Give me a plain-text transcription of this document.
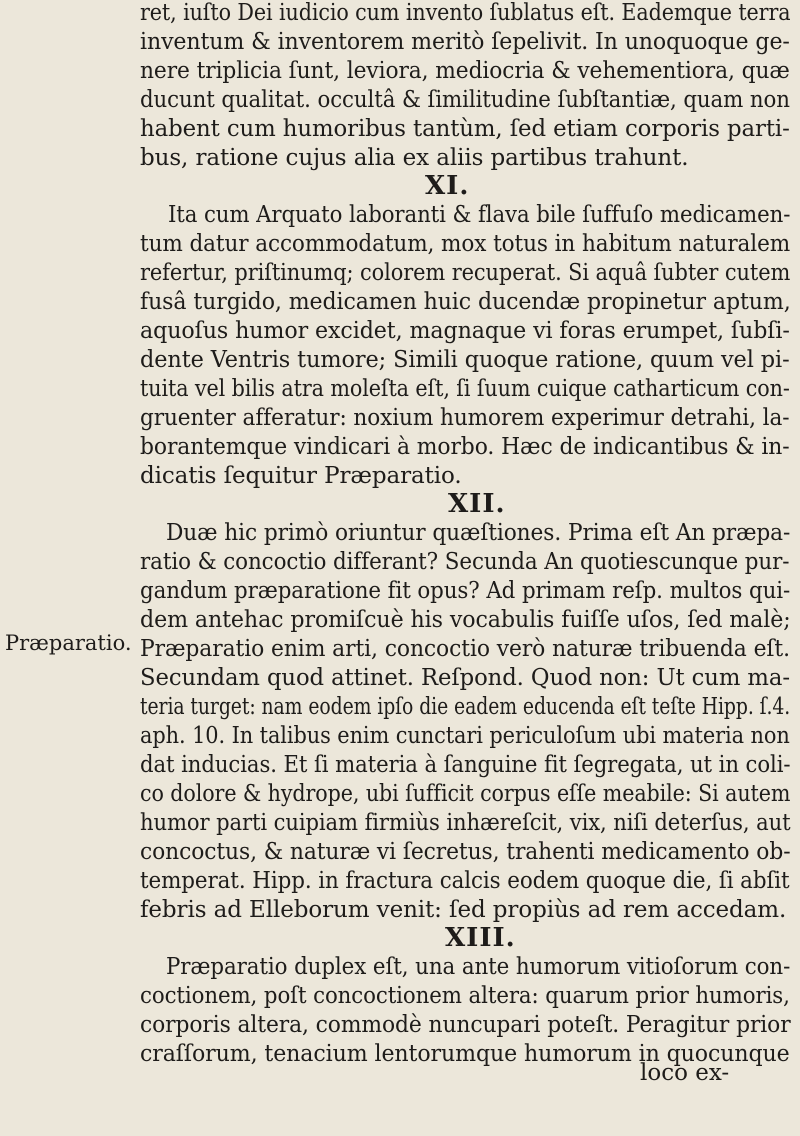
Præparatio.
ret, iuſto Dei iudicio cum invento ſublatus eſt. Eademque terra
inventum & inventorem meritò ſepelivit. In unoquoque ge-
nere triplicia ſunt, leviora, mediocria & vehementiora, quæ
ducunt qualitat. occultâ & ſimilitudine ſubſtantiæ, quam non
habent cum humoribus tantùm, ſed etiam corporis parti-
bus, ratione cujus alia ex aliis partibus trahunt.
XI.
Ita cum Arquato laboranti & flava bile ſuffuſo medicamen-
tum datur accommodatum, mox totus in habitum naturalem
refertur, priſtinumq; colorem recuperat. Si aquâ ſubter cutem
fusâ turgido, medicamen huic ducendæ propinetur aptum,
aquoſus humor excidet, magnaque vi foras erumpet, ſubſi-
dente Ventris tumore; Simili quoque ratione, quum vel pi-
tuita vel bilis atra moleſta eſt, ſi ſuum cuique catharticum con-
gruenter afferatur: noxium humorem experimur detrahi, la-
borantemque vindicari à morbo. Hæc de indicantibus & in-
dicatis ſequitur Præparatio.
XII.
Duæ hic primò oriuntur quæſtiones. Prima eſt An præpa-
ratio & concoctio differant? Secunda An quotiescunque pur-
gandum præparatione fit opus? Ad primam reſp. multos qui-
dem antehac promiſcuè his vocabulis fuiſſe uſos, ſed malè;
Præparatio enim arti, concoctio verò naturæ tribuenda eſt.
Secundam quod attinet. Reſpond. Quod non: Ut cum ma-
teria turget: nam eodem ipſo die eadem educenda eſt teſte Hipp. ſ.4.
aph. 10. In talibus enim cunctari periculoſum ubi materia non
dat inducias. Et ſi materia à ſanguine fit ſegregata, ut in coli-
co dolore & hydrope, ubi ſufficit corpus eſſe meabile: Si autem
humor parti cuipiam firmiùs inhæreſcit, vix, niſi deterſus, aut
concoctus, & naturæ vi ſecretus, trahenti medicamento ob-
temperat. Hipp. in fractura calcis eodem quoque die, ſi abſit
febris ad Elleborum venit: ſed propiùs ad rem accedam.
XIII.
Præparatio duplex eſt, una ante humorum vitioſorum con-
coctionem, poſt concoctionem altera: quarum prior humoris,
corporis altera, commodè nuncupari poteſt. Peragitur prior
craſſorum, tenacium lentorumque humorum in quocunque
loco ex-
